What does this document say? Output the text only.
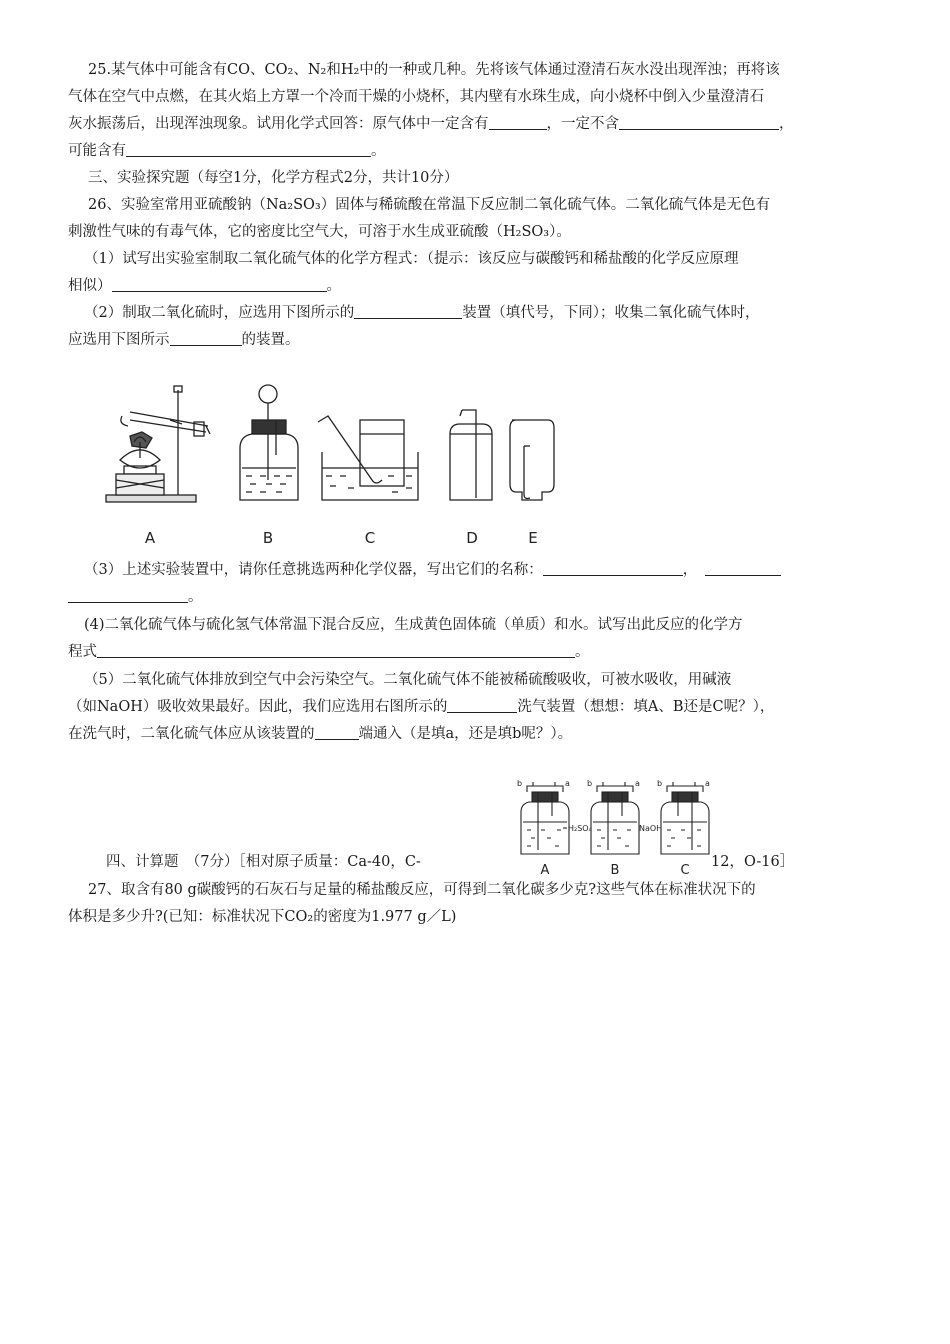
25.某气体中可能含有CO、CO₂、N₂和H₂中的一种或几种。先将该气体通过澄清石灰水没出现浑浊；再将该
气体在空气中点燃，在其火焰上方罩一个冷而干燥的小烧杯，其内壁有水珠生成，向小烧杯中倒入少量澄清石
灰水振荡后，出现浑浊现象。试用化学式回答：原气体中一定含有	，一定不含	，
可能含有	。
三、实验探究题（每空1分，化学方程式2分，共计10分）
26、实验室常用亚硫酸钠（Na₂SO₃）固体与稀硫酸在常温下反应制二氧化硫气体。二氧化硫气体是无色有
刺激性气味的有毒气体，它的密度比空气大，可溶于水生成亚硫酸（H₂SO₃）。
（1）试写出实验室制取二氧化硫气体的化学方程式：（提示：该反应与碳酸钙和稀盐酸的化学反应原理
相似）	。
（2）制取二氧化硫时，应选用下图所示的	装置（填代号，下同）；收集二氧化硫气体时，
应选用下图所示	的装置。
A	B	C	D	E
（3）上述实验装置中，请你任意挑选两种化学仪器，写出它们的名称：	，
。
(4)二氧化硫气体与硫化氢气体常温下混合反应，生成黄色固体硫（单质）和水。试写出此反应的化学方
程式	。
（5）二氧化硫气体排放到空气中会污染空气。二氧化硫气体不能被稀硫酸吸收，可被水吸收，用碱液
（如NaOH）吸收效果最好。因此，我们应选用右图所示的	洗气装置（想想：填A、B还是C呢？），
在洗气时，二氧化硫气体应从该装置的	端通入（是填a，还是填b呢？）。
b	a b	a b	a
H₂SO₄	NaOH
A	B	C
四、计算题　（7分）［相对原子质量：Ca-40，C-	12，O-16］
27、取含有80 g碳酸钙的石灰石与足量的稀盐酸反应，可得到二氧化碳多少克?这些气体在标准状况下的
体积是多少升?(已知：标准状况下CO₂的密度为1.977 g／L)
